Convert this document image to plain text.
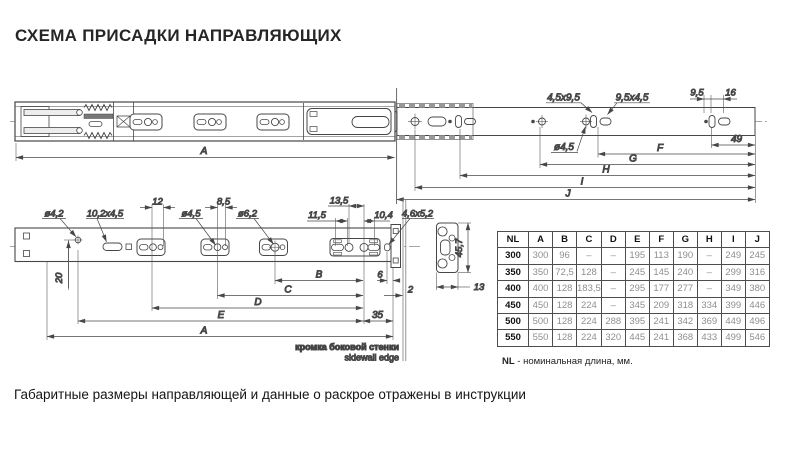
СХЕМА ПРИСАДКИ НАПРАВЛЯЮЩИХ
4,5x9,5	9,5x4,5	9,5 16
49
ø4,5
A	F
G
H
I
J
ø4,2 10,2x4,5
12
ø4,5
8,5
ø6,2
13,5
11,5	10,4 4,6x5,2
20	B
C
D
E	35
A
6
2
кромка боковой стенки
sidewall edge
45,7
13
NL	A	B	C	D	E	F	G	H	I	J
300	300	96	–	–	195	113	190	–	249	245
350	350	72,5	128	–	245	145	240	–	299	316
400	400	128	183,5	–	295	177	277	–	349	380
450	450	128	224	–	345	209	318	334	399	446
500	500	128	224	288	395	241	342	369	449	496
550	550	128	224	320	445	241	368	433	499	546
NL - номинальная длина, мм.
Габаритные размеры направляющей и данные о раскрое отражены в инструкции
